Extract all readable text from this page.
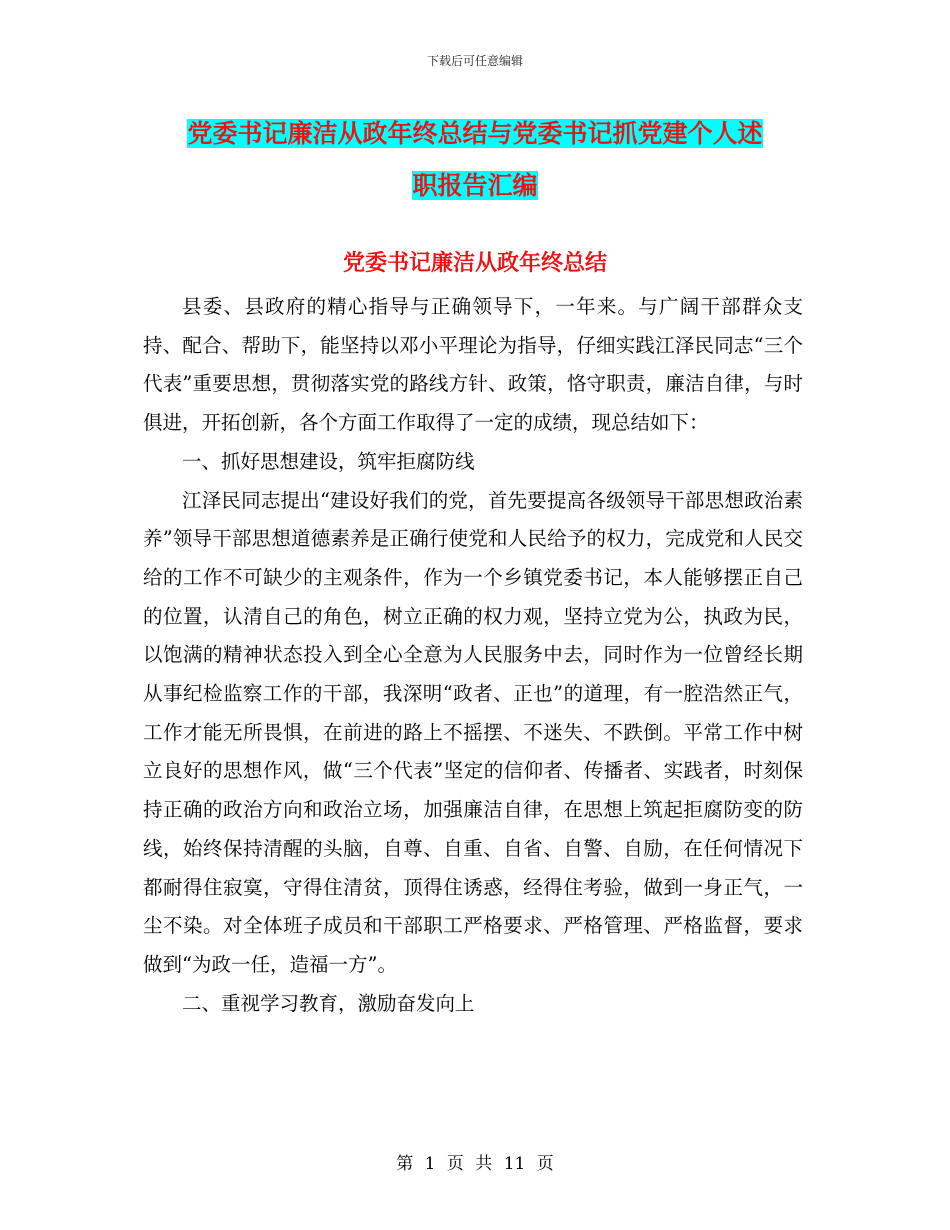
下载后可任意编辑
党委书记廉洁从政年终总结与党委书记抓党建个人述
职报告汇编
党委书记廉洁从政年终总结

县委、县政府的精心指导与正确领导下，一年来。与广阔干部群众支持、配合、帮助下，能坚持以邓小平理论为指导，仔细实践江泽民同志“三个代表”重要思想，贯彻落实党的路线方针、政策，恪守职责，廉洁自律，与时俱进，开拓创新，各个方面工作取得了一定的成绩，现总结如下：

一、抓好思想建设，筑牢拒腐防线

江泽民同志提出“建设好我们的党，首先要提高各级领导干部思想政治素养”领导干部思想道德素养是正确行使党和人民给予的权力，完成党和人民交给的工作不可缺少的主观条件，作为一个乡镇党委书记，本人能够摆正自己的位置，认清自己的角色，树立正确的权力观，坚持立党为公，执政为民，以饱满的精神状态投入到全心全意为人民服务中去，同时作为一位曾经长期从事纪检监察工作的干部，我深明“政者、正也”的道理，有一腔浩然正气，工作才能无所畏惧，在前进的路上不摇摆、不迷失、不跌倒。平常工作中树立良好的思想作风，做“三个代表”坚定的信仰者、传播者、实践者，时刻保持正确的政治方向和政治立场，加强廉洁自律，在思想上筑起拒腐防变的防线，始终保持清醒的头脑，自尊、自重、自省、自警、自励，在任何情况下都耐得住寂寞，守得住清贫，顶得住诱惑，经得住考验，做到一身正气，一尘不染。对全体班子成员和干部职工严格要求、严格管理、严格监督，要求做到“为政一任，造福一方”。

二、重视学习教育，激励奋发向上

第 1 页 共 11 页
